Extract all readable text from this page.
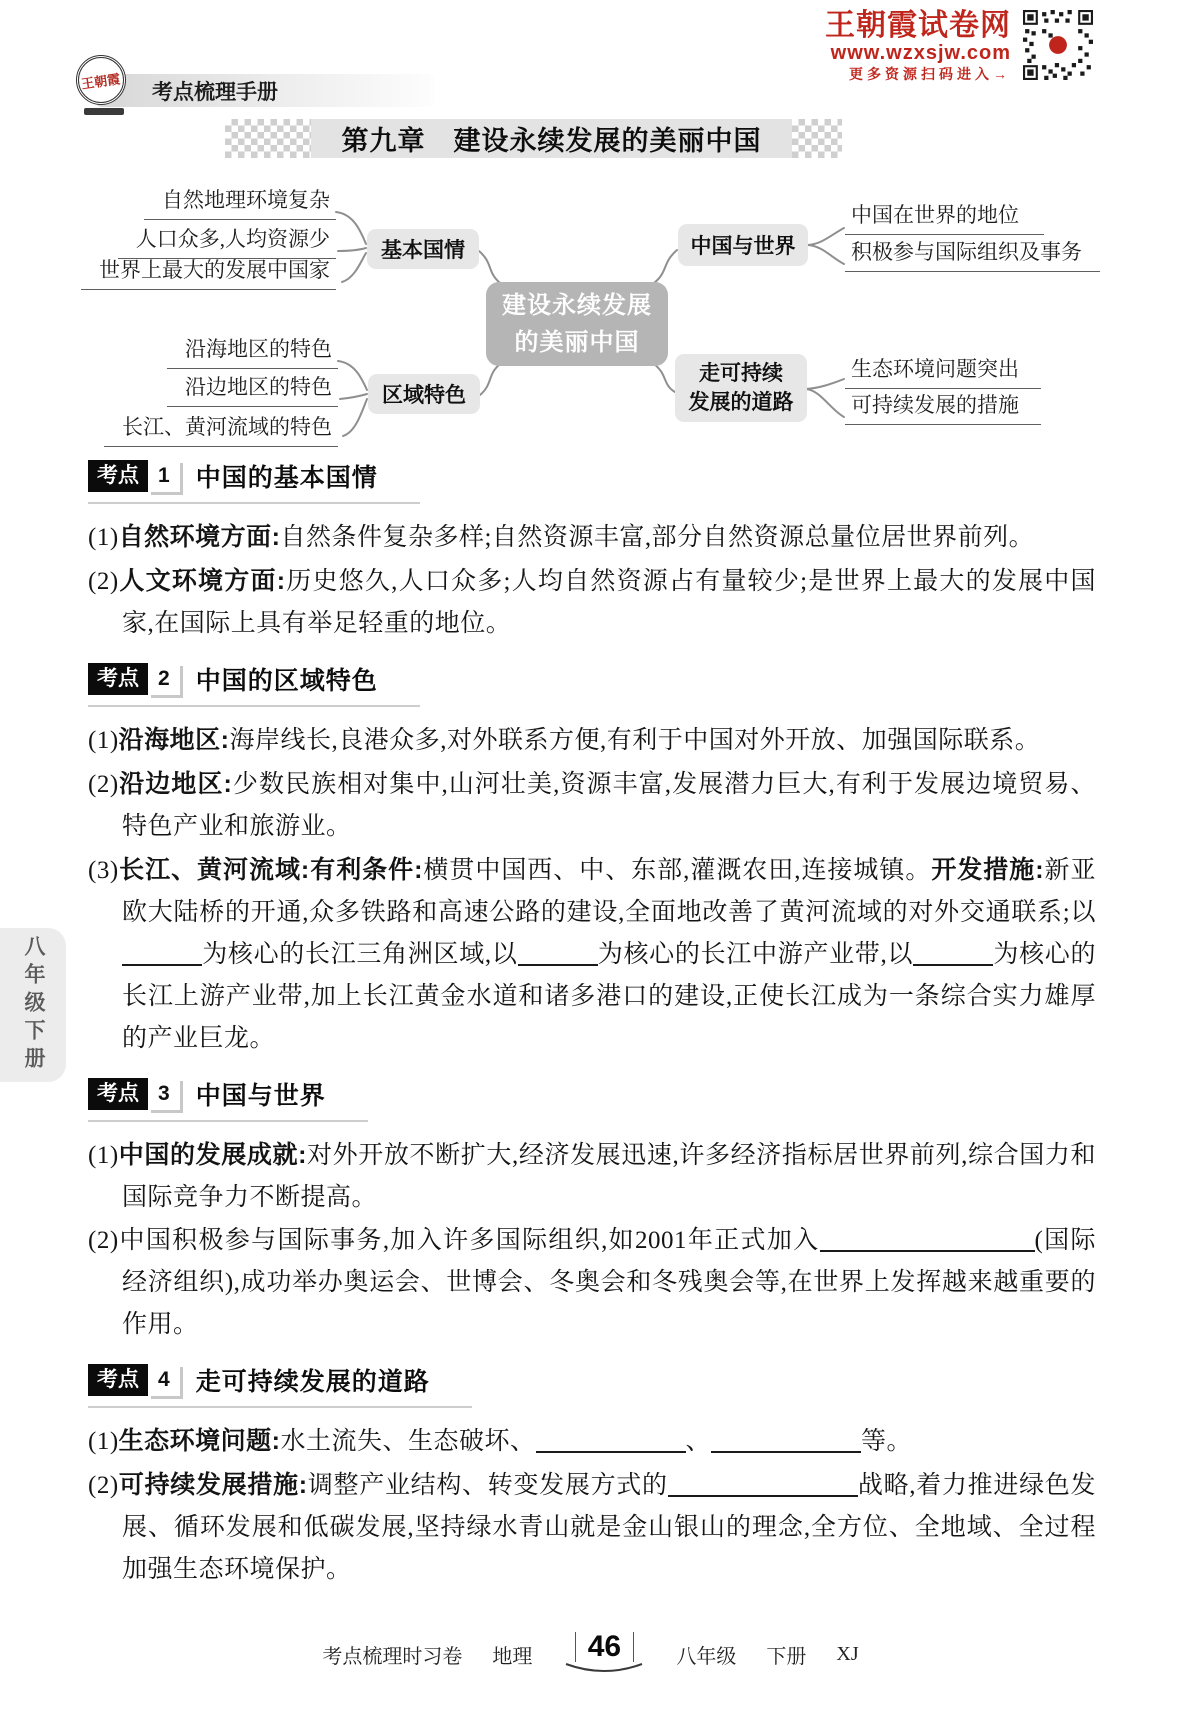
王朝霞试卷网
www.wzxsjw.com
更多资源扫码进入→
考点梳理手册
王朝霞
第九章　建设永续发展的美丽中国
建设永续发展
的美丽中国
基本国情
区域特色
中国与世界
走可持续
发展的道路
自然地理环境复杂
人口众多,人均资源少
世界上最大的发展中国家
沿海地区的特色
沿边地区的特色
长江、黄河流域的特色
中国在世界的地位
积极参与国际组织及事务
生态环境问题突出
可持续发展的措施
考点 1	中国的基本国情

(1)自然环境方面:自然条件复杂多样;自然资源丰富,部分自然资源总量位居世界前列。

(2)人文环境方面:历史悠久,人口众多;人均自然资源占有量较少;是世界上最大的发展中国家,在国际上具有举足轻重的地位。

考点 2	中国的区域特色

(1)沿海地区:海岸线长,良港众多,对外联系方便,有利于中国对外开放、加强国际联系。

(2)沿边地区:少数民族相对集中,山河壮美,资源丰富,发展潜力巨大,有利于发展边境贸易、特色产业和旅游业。

(3)长江、黄河流域:有利条件:横贯中国西、中、东部,灌溉农田,连接城镇。开发措施:新亚欧大陆桥的开通,众多铁路和高速公路的建设,全面地改善了黄河流域的对外交通联系;以为核心的长江三角洲区域,以	为核心的长江中游产业带,以	为核心的长江上游产业带,加上长江黄金水道和诸多港口的建设,正使长江成为一条综合实力雄厚的产业巨龙。

考点 3	中国与世界

(1)中国的发展成就:对外开放不断扩大,经济发展迅速,许多经济指标居世界前列,综合国力和国际竞争力不断提高。

(2)中国积极参与国际事务,加入许多国际组织,如2001年正式加入	(国际经济组织),成功举办奥运会、世博会、冬奥会和冬残奥会等,在世界上发挥越来越重要的作用。

考点 4	走可持续发展的道路

(1)生态环境问题:水土流失、生态破坏、	、	等。

(2)可持续发展措施:调整产业结构、转变发展方式的	战略,着力推进绿色发展、循环发展和低碳发展,坚持绿水青山就是金山银山的理念,全方位、全地域、全过程加强生态环境保护。

八年级下册
考点梳理时习卷 地理	46	八年级 下册 XJ
